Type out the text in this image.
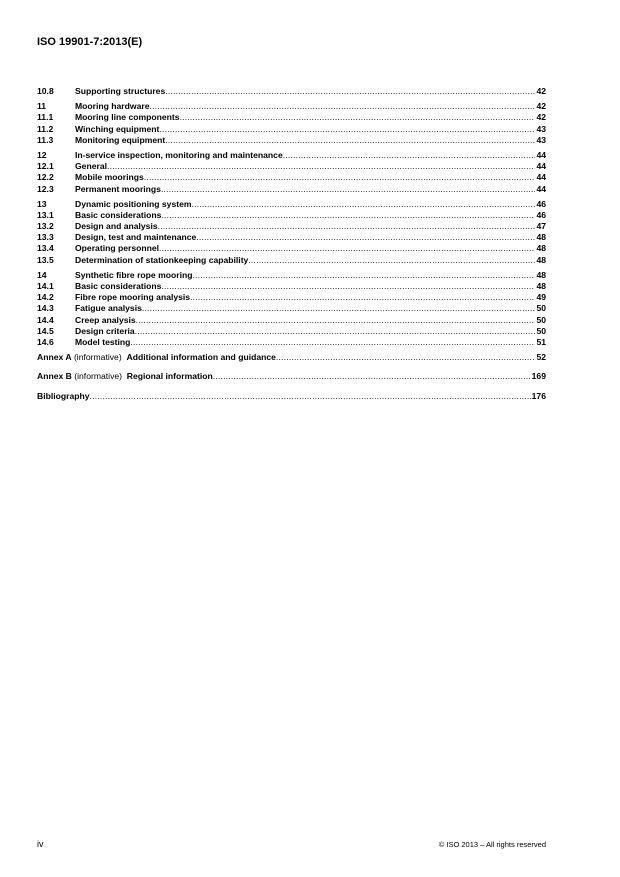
ISO 19901-7:2013(E)
10.8	Supporting structures .....	42
11	Mooring hardware .....	42
11.1	Mooring line components .....	42
11.2	Winching equipment .....	43
11.3	Monitoring equipment .....	43
12	In-service inspection, monitoring and maintenance .....	44
12.1	General .....	44
12.2	Mobile moorings .....	44
12.3	Permanent moorings .....	44
13	Dynamic positioning system .....	46
13.1	Basic considerations .....	46
13.2	Design and analysis .....	47
13.3	Design, test and maintenance .....	48
13.4	Operating personnel .....	48
13.5	Determination of stationkeeping capability .....	48
14	Synthetic fibre rope mooring .....	48
14.1	Basic considerations .....	48
14.2	Fibre rope mooring analysis .....	49
14.3	Fatigue analysis .....	50
14.4	Creep analysis .....	50
14.5	Design criteria .....	50
14.6	Model testing .....	51
Annex A (informative) Additional information and guidance .....	52
Annex B (informative) Regional information .....	169
Bibliography .....	176
iv	© ISO 2013 – All rights reserved
